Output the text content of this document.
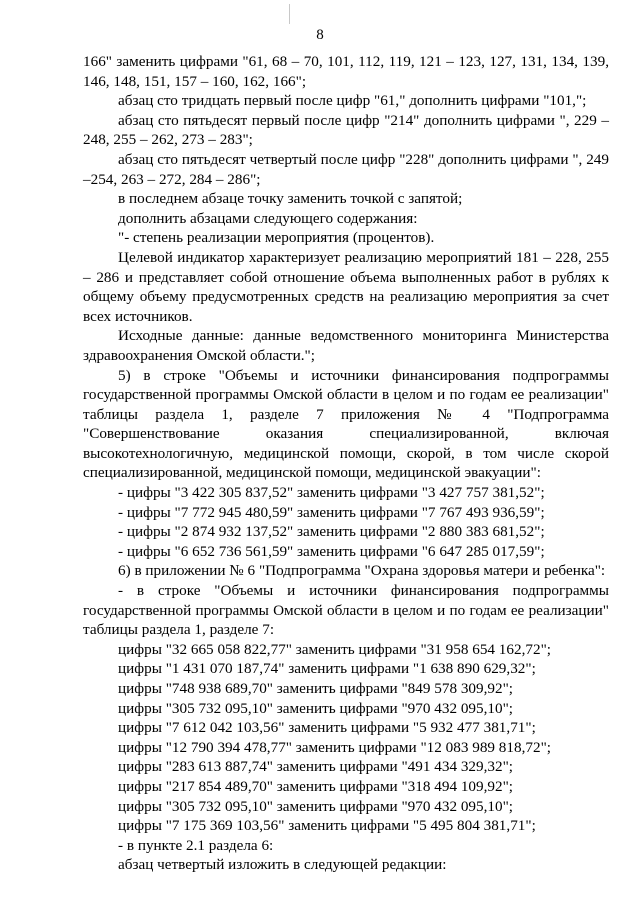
8

166" заменить цифрами "61, 68 – 70, 101, 112, 119, 121 – 123, 127, 131, 134, 139, 146, 148, 151, 157 – 160, 162, 166";

абзац сто тридцать первый после цифр "61," дополнить цифрами "101,";

абзац сто пятьдесят первый после цифр "214" дополнить цифрами ", 229 – 248, 255 – 262, 273 – 283";

абзац сто пятьдесят четвертый после цифр "228" дополнить цифрами ", 249 –254, 263 – 272, 284 – 286";

в последнем абзаце точку заменить точкой с запятой;

дополнить абзацами следующего содержания:

"- степень реализации мероприятия (процентов).

Целевой индикатор характеризует реализацию мероприятий 181 – 228, 255 – 286 и представляет собой отношение объема выполненных работ в рублях к общему объему предусмотренных средств на реализацию мероприятия за счет всех источников.

Исходные данные: данные ведомственного мониторинга Министерства здравоохранения Омской области.";

5) в строке "Объемы и источники финансирования подпрограммы государственной программы Омской области в целом и по годам ее реализации" таблицы раздела 1, разделе 7 приложения № 4 "Подпрограмма "Совершенствование оказания специализированной, включая высокотехнологичную, медицинской помощи, скорой, в том числе скорой специализированной, медицинской помощи, медицинской эвакуации":

- цифры "3 422 305 837,52" заменить цифрами "3 427 757 381,52";

- цифры "7 772 945 480,59" заменить цифрами "7 767 493 936,59";

- цифры "2 874 932 137,52" заменить цифрами "2 880 383 681,52";

- цифры "6 652 736 561,59" заменить цифрами "6 647 285 017,59";

6) в приложении № 6 "Подпрограмма "Охрана здоровья матери и ребенка":

- в строке "Объемы и источники финансирования подпрограммы государственной программы Омской области в целом и по годам ее реализации" таблицы раздела 1, разделе 7:

цифры "32 665 058 822,77" заменить цифрами "31 958 654 162,72";

цифры "1 431 070 187,74" заменить цифрами "1 638 890 629,32";

цифры "748 938 689,70" заменить цифрами "849 578 309,92";

цифры "305 732 095,10" заменить цифрами "970 432 095,10";

цифры "7 612 042 103,56" заменить цифрами "5 932 477 381,71";

цифры "12 790 394 478,77" заменить цифрами "12 083 989 818,72";

цифры "283 613 887,74" заменить цифрами "491 434 329,32";

цифры "217 854 489,70" заменить цифрами "318 494 109,92";

цифры "305 732 095,10" заменить цифрами "970 432 095,10";

цифры "7 175 369 103,56" заменить цифрами "5 495 804 381,71";

- в пункте 2.1 раздела 6:

абзац четвертый изложить в следующей редакции:
